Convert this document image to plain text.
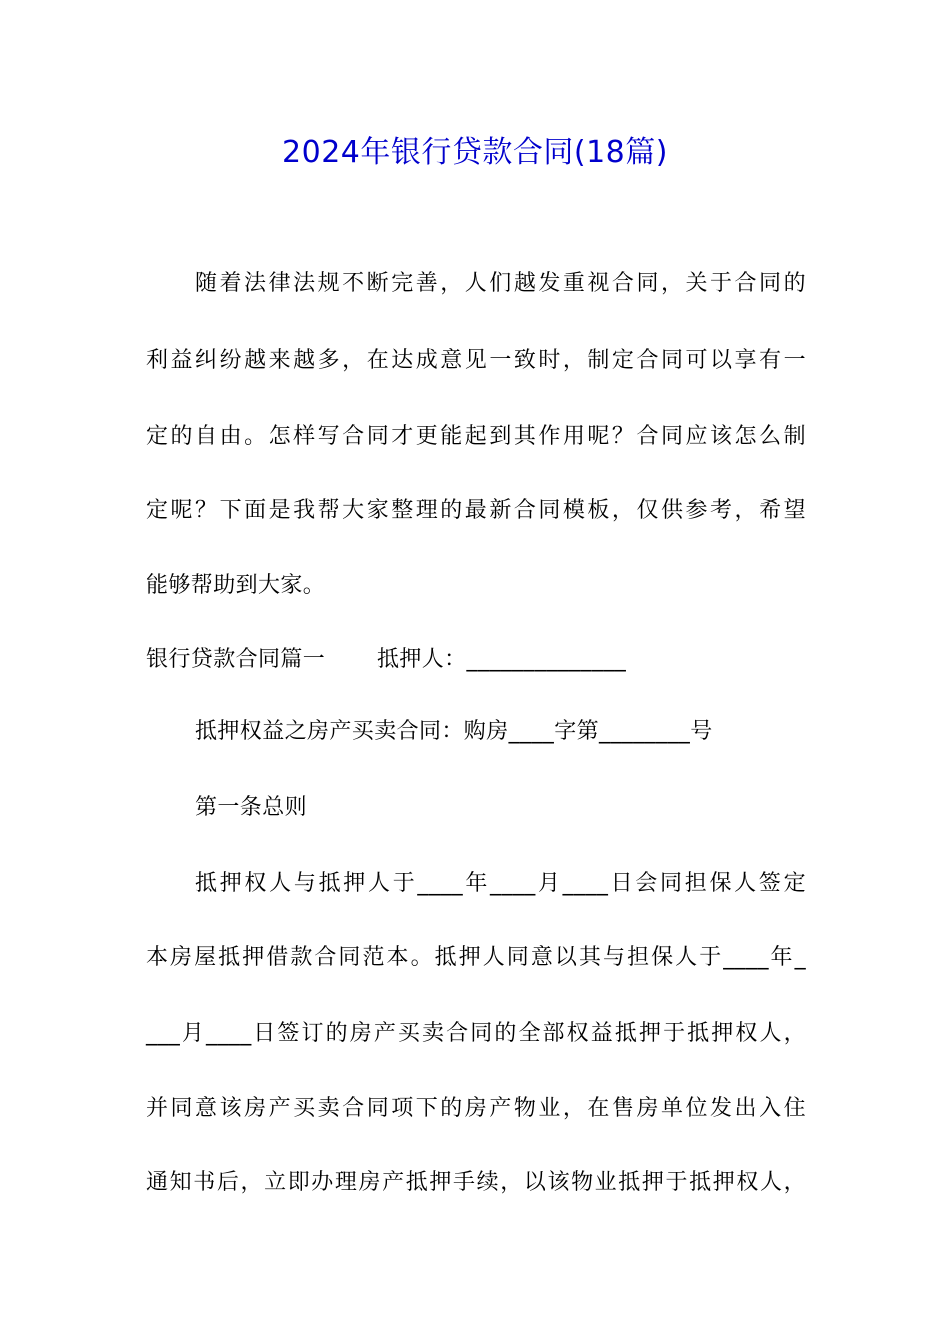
2024年银行贷款合同(18篇)
随着法律法规不断完善，人们越发重视合同，关于合同的
利益纠纷越来越多，在达成意见一致时，制定合同可以享有一
定的自由。怎样写合同才更能起到其作用呢？合同应该怎么制
定呢？下面是我帮大家整理的最新合同模板，仅供参考，希望
能够帮助到大家。
银行贷款合同篇一       抵押人：______________
抵押权益之房产买卖合同：购房____字第________号
第一条总则
抵押权人与抵押人于____年____月____日会同担保人签定
本房屋抵押借款合同范本。抵押人同意以其与担保人于____年_
___月____日签订的房产买卖合同的全部权益抵押于抵押权人，
并同意该房产买卖合同项下的房产物业，在售房单位发出入住
通知书后，立即办理房产抵押手续，以该物业抵押于抵押权人，
